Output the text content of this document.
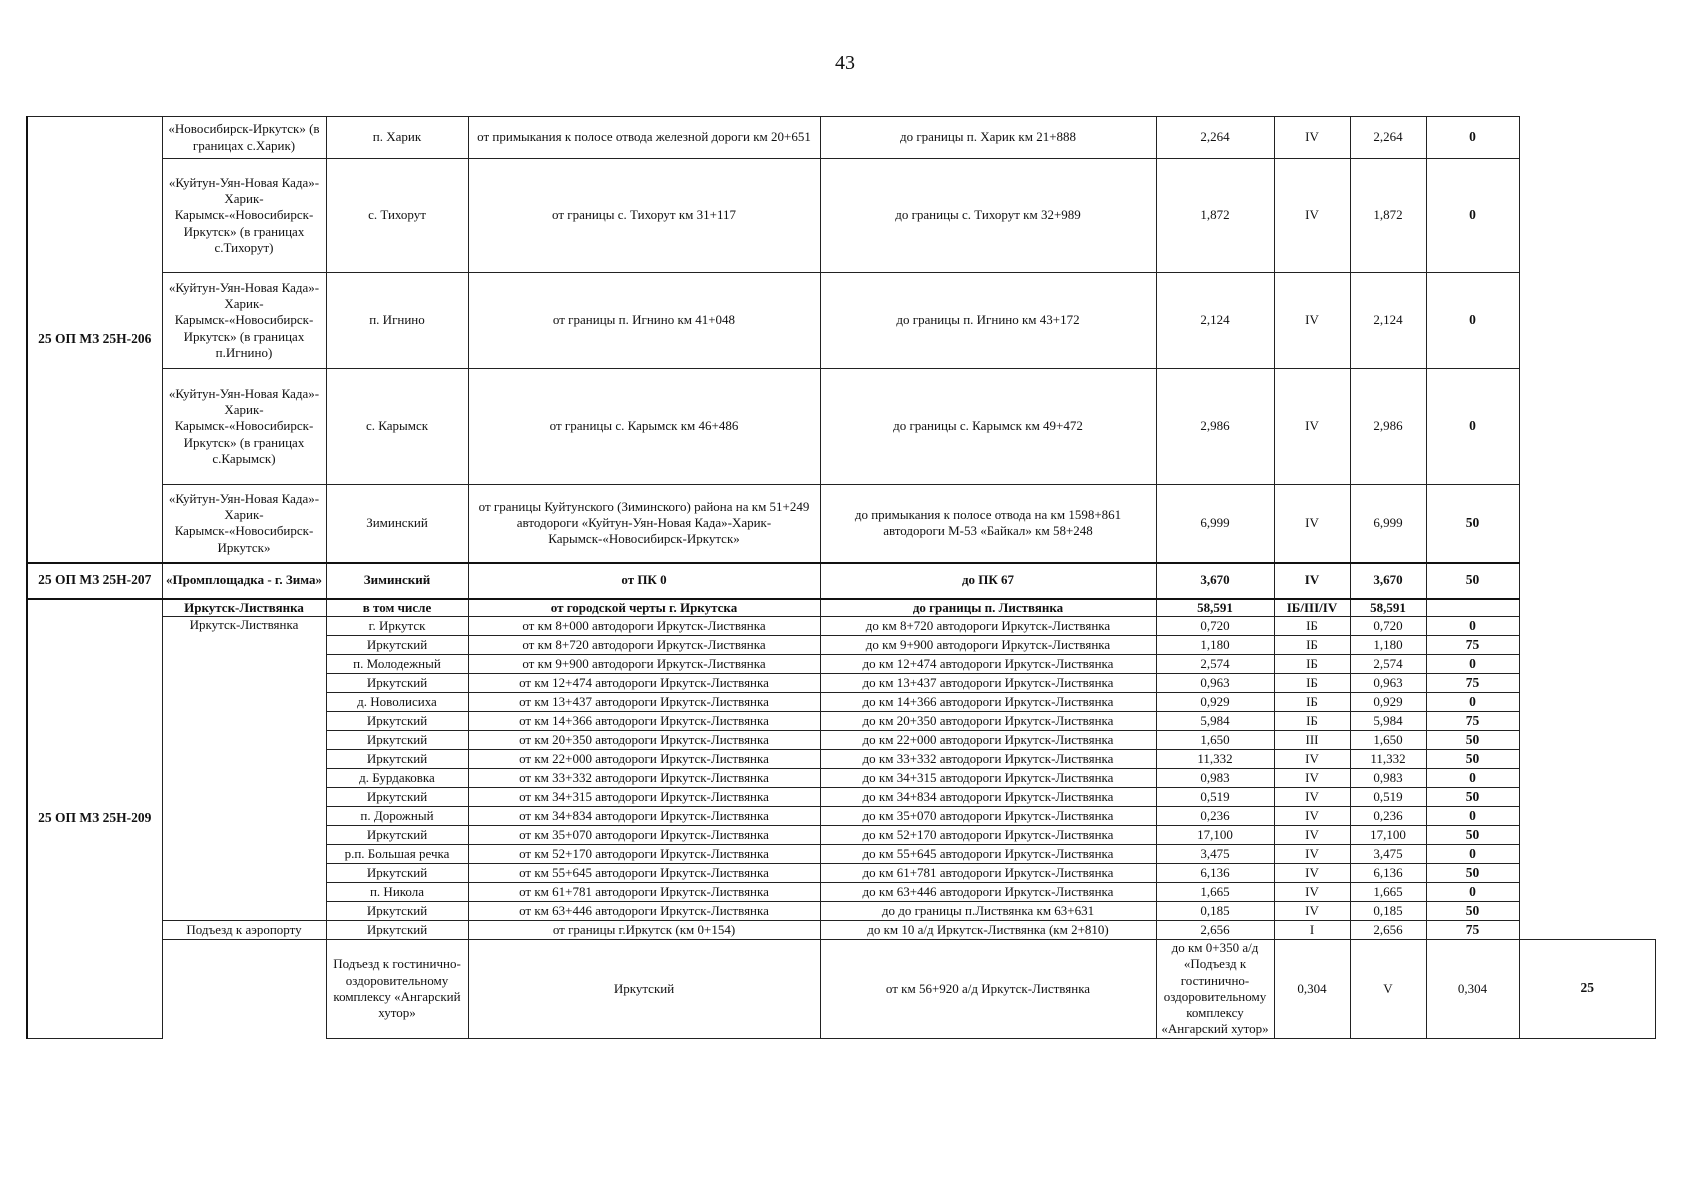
43
25 ОП МЗ 25Н-206	«Новосибирск-Иркутск» (в границах с.Харик)	п. Харик	от примыкания к полосе отвода железной дороги км 20+651	до границы п. Харик км 21+888	2,264	IV	2,264	0	
	«Куйтун-Уян-Новая Када»-Харик-Карымск-«Новосибирск-Иркутск» (в границах с.Тихорут)	с. Тихорут	от границы с. Тихорут км 31+117	до границы с. Тихорут км 32+989	1,872	IV	1,872	0	
	«Куйтун-Уян-Новая Када»-Харик-Карымск-«Новосибирск-Иркутск» (в границах п.Игнино)	п. Игнино	от границы п. Игнино км 41+048	до границы п. Игнино км 43+172	2,124	IV	2,124	0	
	«Куйтун-Уян-Новая Када»-Харик-Карымск-«Новосибирск-Иркутск» (в границах с.Карымск)	с. Карымск	от границы с. Карымск км 46+486	до границы с. Карымск км 49+472	2,986	IV	2,986	0	
	«Куйтун-Уян-Новая Када»-Харик-Карымск-«Новосибирск-Иркутск»	Зиминский	от границы Куйтунского (Зиминского) района на км 51+249 автодороги «Куйтун-Уян-Новая Када»-Харик-Карымск-«Новосибирск-Иркутск»	до примыкания к полосе отвода на км 1598+861 автодороги М-53 «Байкал» км 58+248	6,999	IV	6,999	50	
25 ОП МЗ 25Н-207	«Промплощадка - г. Зима»	Зиминский	от ПК 0	до ПК 67	3,670	IV	3,670	50	
25 ОП МЗ 25Н-209	Иркутск-Листвянка	в том числе	от городской черты г. Иркутска	до границы п. Листвянка	58,591	IБ/III/IV	58,591		
	Иркутск-Листвянка	г. Иркутск	от км 8+000 автодороги Иркутск-Листвянка	до км 8+720 автодороги Иркутск-Листвянка	0,720	IБ	0,720	0	
		Иркутский	от км 8+720 автодороги Иркутск-Листвянка	до км 9+900 автодороги Иркутск-Листвянка	1,180	IБ	1,180	75	
		п. Молодежный	от км 9+900 автодороги Иркутск-Листвянка	до км 12+474 автодороги Иркутск-Листвянка	2,574	IБ	2,574	0	
		Иркутский	от км 12+474 автодороги Иркутск-Листвянка	до км 13+437 автодороги Иркутск-Листвянка	0,963	IБ	0,963	75	
		д. Новолисиха	от км 13+437 автодороги Иркутск-Листвянка	до км 14+366 автодороги Иркутск-Листвянка	0,929	IБ	0,929	0	
		Иркутский	от км 14+366 автодороги Иркутск-Листвянка	до км 20+350 автодороги Иркутск-Листвянка	5,984	IБ	5,984	75	
		Иркутский	от км 20+350 автодороги Иркутск-Листвянка	до км 22+000 автодороги Иркутск-Листвянка	1,650	III	1,650	50	
		Иркутский	от км 22+000 автодороги Иркутск-Листвянка	до км 33+332 автодороги Иркутск-Листвянка	11,332	IV	11,332	50	
		д. Бурдаковка	от км 33+332 автодороги Иркутск-Листвянка	до км 34+315 автодороги Иркутск-Листвянка	0,983	IV	0,983	0	
		Иркутский	от км 34+315 автодороги Иркутск-Листвянка	до км 34+834 автодороги Иркутск-Листвянка	0,519	IV	0,519	50	
		п. Дорожный	от км 34+834 автодороги Иркутск-Листвянка	до км 35+070 автодороги Иркутск-Листвянка	0,236	IV	0,236	0	
		Иркутский	от км 35+070 автодороги Иркутск-Листвянка	до км 52+170 автодороги Иркутск-Листвянка	17,100	IV	17,100	50	
		р.п. Большая речка	от км 52+170 автодороги Иркутск-Листвянка	до км 55+645 автодороги Иркутск-Листвянка	3,475	IV	3,475	0	
		Иркутский	от км 55+645 автодороги Иркутск-Листвянка	до км 61+781 автодороги Иркутск-Листвянка	6,136	IV	6,136	50	
		п. Никола	от км 61+781 автодороги Иркутск-Листвянка	до км 63+446 автодороги Иркутск-Листвянка	1,665	IV	1,665	0	
		Иркутский	от км 63+446 автодороги Иркутск-Листвянка	до до границы п.Листвянка км 63+631	0,185	IV	0,185	50	
	Подъезд к аэропорту	Иркутский	от границы г.Иркутск (км 0+154)	до км 10 а/д Иркутск-Листвянка (км 2+810)	2,656	I	2,656	75	
		Подъезд к гостинично-оздоровительному комплексу «Ангарский хутор»	Иркутский	от км 56+920 а/д Иркутск-Листвянка	до км 0+350 а/д «Подъезд к гостинично-оздоровительному комплексу «Ангарский хутор»	0,304	V	0,304	25
